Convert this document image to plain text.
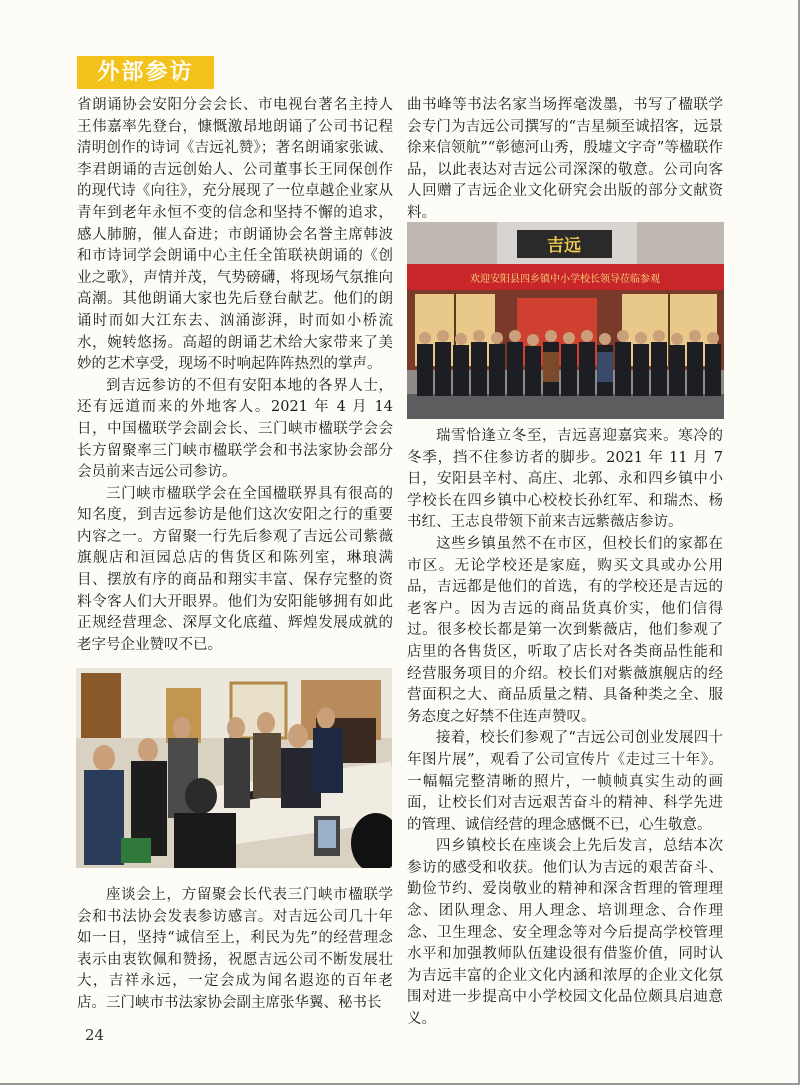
外部参访

省朗诵协会安阳分会会长、市电视台著名主持人王伟嘉率先登台，慷慨激昂地朗诵了公司书记程清明创作的诗词《吉远礼赞》；著名朗诵家张诚、李君朗诵的吉远创始人、公司董事长王同保创作的现代诗《向往》，充分展现了一位卓越企业家从青年到老年永恒不变的信念和坚持不懈的追求，感人肺腑，催人奋进；市朗诵协会名誉主席韩波和市诗词学会朗诵中心主任全笛联袂朗诵的《创业之歌》，声情并茂，气势磅礴，将现场气氛推向高潮。其他朗诵大家也先后登台献艺。他们的朗诵时而如大江东去、汹涌澎湃，时而如小桥流水，婉转悠扬。高超的朗诵艺术给大家带来了美妙的艺术享受，现场不时响起阵阵热烈的掌声。

到吉远参访的不但有安阳本地的各界人士，还有远道而来的外地客人。2021 年 4 月 14 日，中国楹联学会副会长、三门峡市楹联学会会长方留聚率三门峡市楹联学会和书法家协会部分会员前来吉远公司参访。

三门峡市楹联学会在全国楹联界具有很高的知名度，到吉远参访是他们这次安阳之行的重要内容之一。方留聚一行先后参观了吉远公司紫薇旗舰店和洹园总店的售货区和陈列室，琳琅满目、摆放有序的商品和翔实丰富、保存完整的资料令客人们大开眼界。他们为安阳能够拥有如此正规经营理念、深厚文化底蕴、辉煌发展成就的老字号企业赞叹不已。

座谈会上，方留聚会长代表三门峡市楹联学会和书法协会发表参访感言。对吉远公司几十年如一日，坚持“诚信至上，利民为先”的经营理念表示由衷钦佩和赞扬，祝愿吉远公司不断发展壮大，吉祥永远，一定会成为闻名遐迩的百年老店。三门峡市书法家协会副主席张华翼、秘书长

曲书峰等书法名家当场挥毫泼墨，书写了楹联学会专门为吉远公司撰写的“吉星频至诚招客，远景徐来信领航”“彰德河山秀，殷墟文字奇”等楹联作品，以此表达对吉远公司深深的敬意。公司向客人回赠了吉远企业文化研究会出版的部分文献资料。

吉远
欢迎安阳县四乡镇中小学校长领导莅临参观

瑞雪恰逢立冬至，吉远喜迎嘉宾来。寒冷的冬季，挡不住参访者的脚步。2021 年 11 月 7 日，安阳县辛村、高庄、北郭、永和四乡镇中小学校长在四乡镇中心校校长孙红军、和瑞杰、杨书红、王志良带领下前来吉远紫薇店参访。

这些乡镇虽然不在市区，但校长们的家都在市区。无论学校还是家庭，购买文具或办公用品，吉远都是他们的首选，有的学校还是吉远的老客户。因为吉远的商品货真价实，他们信得过。很多校长都是第一次到紫薇店，他们参观了店里的各售货区，听取了店长对各类商品性能和经营服务项目的介绍。校长们对紫薇旗舰店的经营面积之大、商品质量之精、具备种类之全、服务态度之好禁不住连声赞叹。

接着，校长们参观了“吉远公司创业发展四十年图片展”，观看了公司宣传片《走过三十年》。一幅幅完整清晰的照片，一帧帧真实生动的画面，让校长们对吉远艰苦奋斗的精神、科学先进的管理、诚信经营的理念感慨不已，心生敬意。

四乡镇校长在座谈会上先后发言，总结本次参访的感受和收获。他们认为吉远的艰苦奋斗、勤俭节约、爱岗敬业的精神和深含哲理的管理理念、团队理念、用人理念、培训理念、合作理念、卫生理念、安全理念等对今后提高学校管理水平和加强教师队伍建设很有借鉴价值，同时认为吉远丰富的企业文化内涵和浓厚的企业文化氛围对进一步提高中小学校园文化品位颇具启迪意义。

24
